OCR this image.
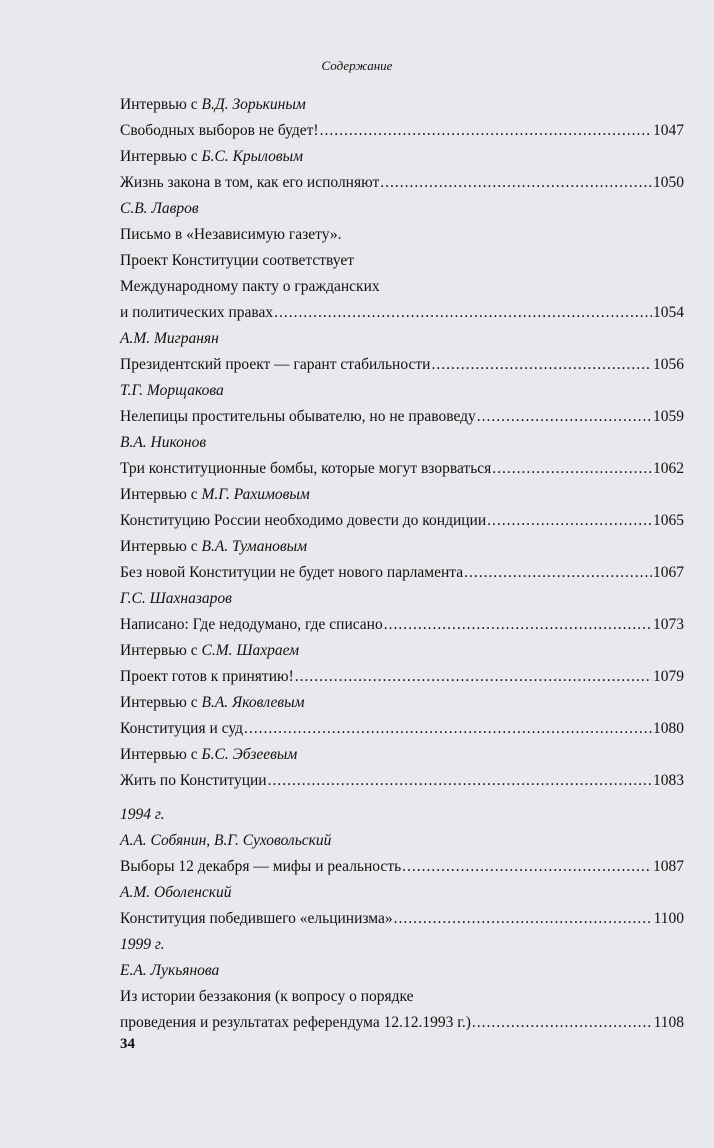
Содержание
Интервью с В.Д. Зорькиным
Свободных выборов не будет! .....	1047
Интервью с Б.С. Крыловым
Жизнь закона в том, как его исполняют .....	1050
С.В. Лавров
Письмо в «Независимую газету».
Проект Конституции соответствует
Международному пакту о гражданских
и политических правах .....	1054
А.М. Мигранян
Президентский проект — гарант стабильности .....	1056
Т.Г. Морщакова
Нелепицы простительны обывателю, но не правоведу .....	1059
В.А. Никонов
Три конституционные бомбы, которые могут взорваться .....	1062
Интервью с М.Г. Рахимовым
Конституцию России необходимо довести до кондиции .....	1065
Интервью с В.А. Тумановым
Без новой Конституции не будет нового парламента .....	1067
Г.С. Шахназаров
Написано: Где недодумано, где списано .....	1073
Интервью с С.М. Шахраем
Проект готов к принятию! .....	1079
Интервью с В.А. Яковлевым
Конституция и суд .....	1080
Интервью с Б.С. Эбзеевым
Жить по Конституции .....	1083
1994 г.
А.А. Собянин, В.Г. Суховольский
Выборы 12 декабря — мифы и реальность .....	1087
А.М. Оболенский
Конституция победившего «ельцинизма» .....	1100
1999 г.
Е.А. Лукьянова
Из истории беззакония (к вопросу о порядке
проведения и результатах референдума 12.12.1993 г.) .....	1108
34
